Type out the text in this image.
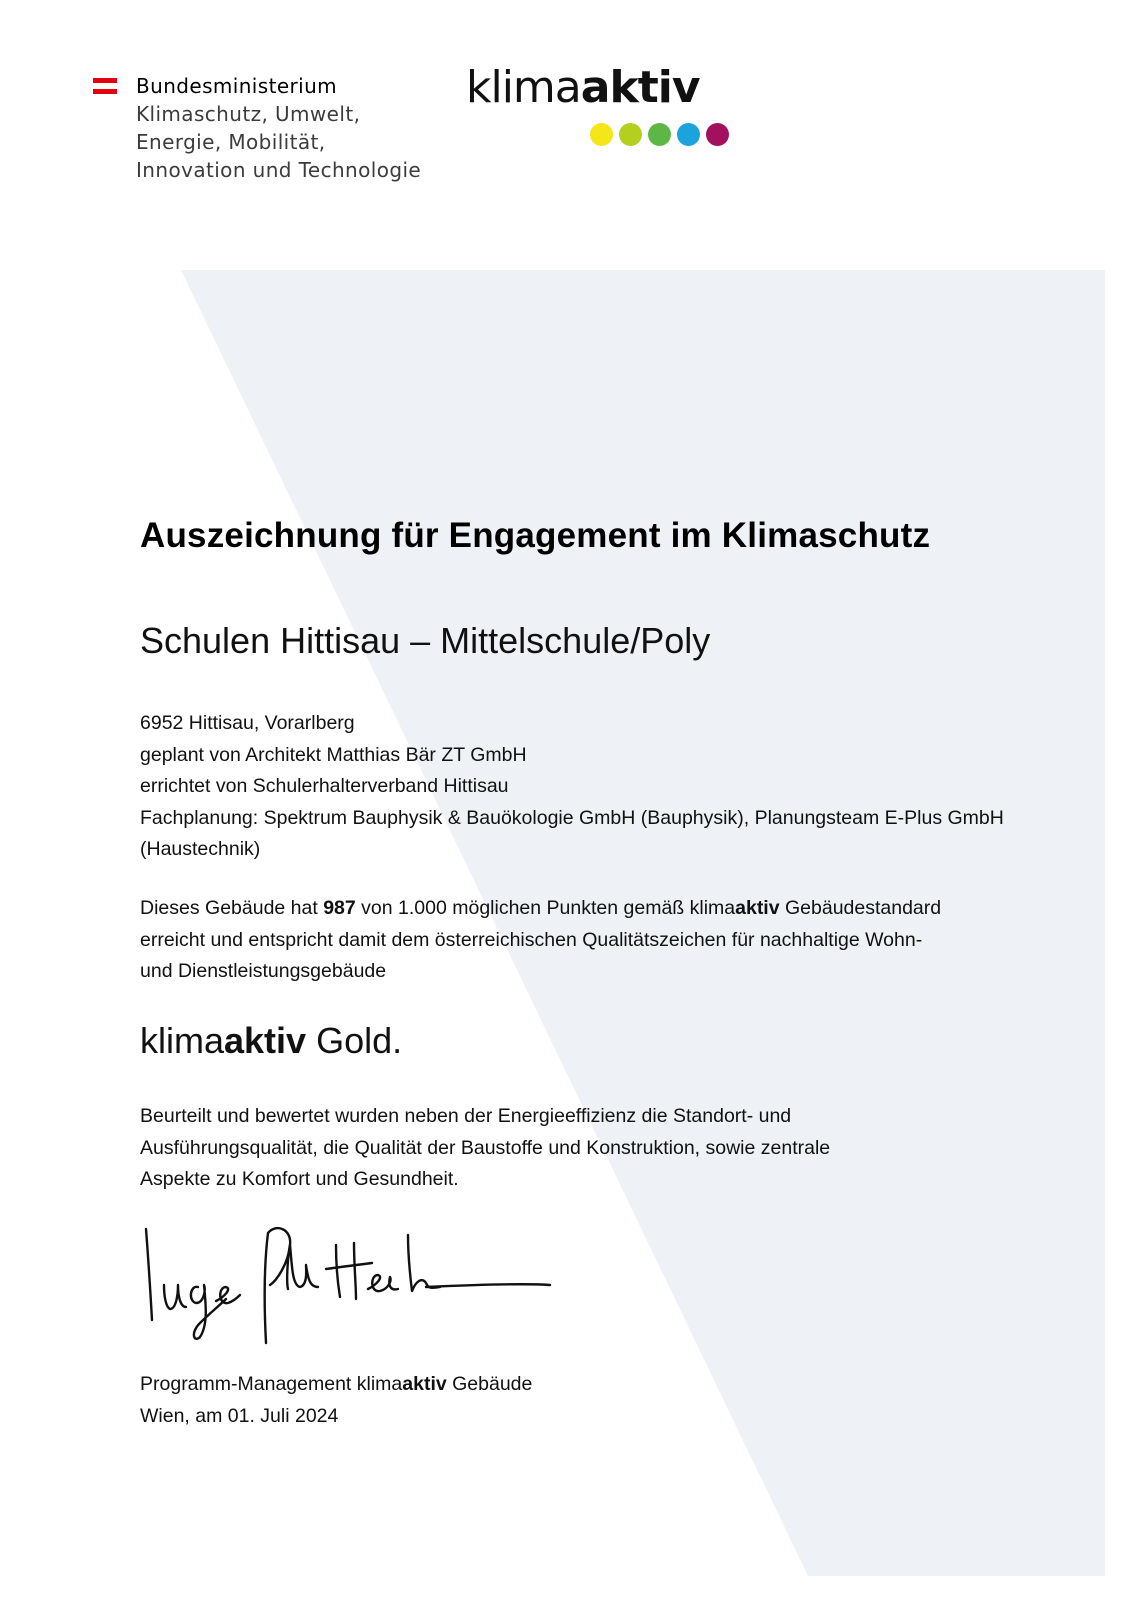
Bundesministerium
Klimaschutz, Umwelt,
Energie, Mobilität,
Innovation und Technologie
klimaaktiv
Auszeichnung für Engagement im Klimaschutz
Schulen Hittisau – Mittelschule/Poly
6952 Hittisau, Vorarlberg
geplant von Architekt Matthias Bär ZT GmbH
errichtet von Schulerhalterverband Hittisau
Fachplanung: Spektrum Bauphysik & Bauökologie GmbH (Bauphysik), Planungsteam E-Plus GmbH
(Haustechnik)
Dieses Gebäude hat 987 von 1.000 möglichen Punkten gemäß klimaaktiv Gebäudestandard
erreicht und entspricht damit dem österreichischen Qualitätszeichen für nachhaltige Wohn-
und Dienstleistungsgebäude
klimaaktiv Gold.
Beurteilt und bewertet wurden neben der Energieeffizienz die Standort- und
Ausführungsqualität, die Qualität der Baustoffe und Konstruktion, sowie zentrale
Aspekte zu Komfort und Gesundheit.
Programm-Management klimaaktiv Gebäude
Wien, am 01. Juli 2024
